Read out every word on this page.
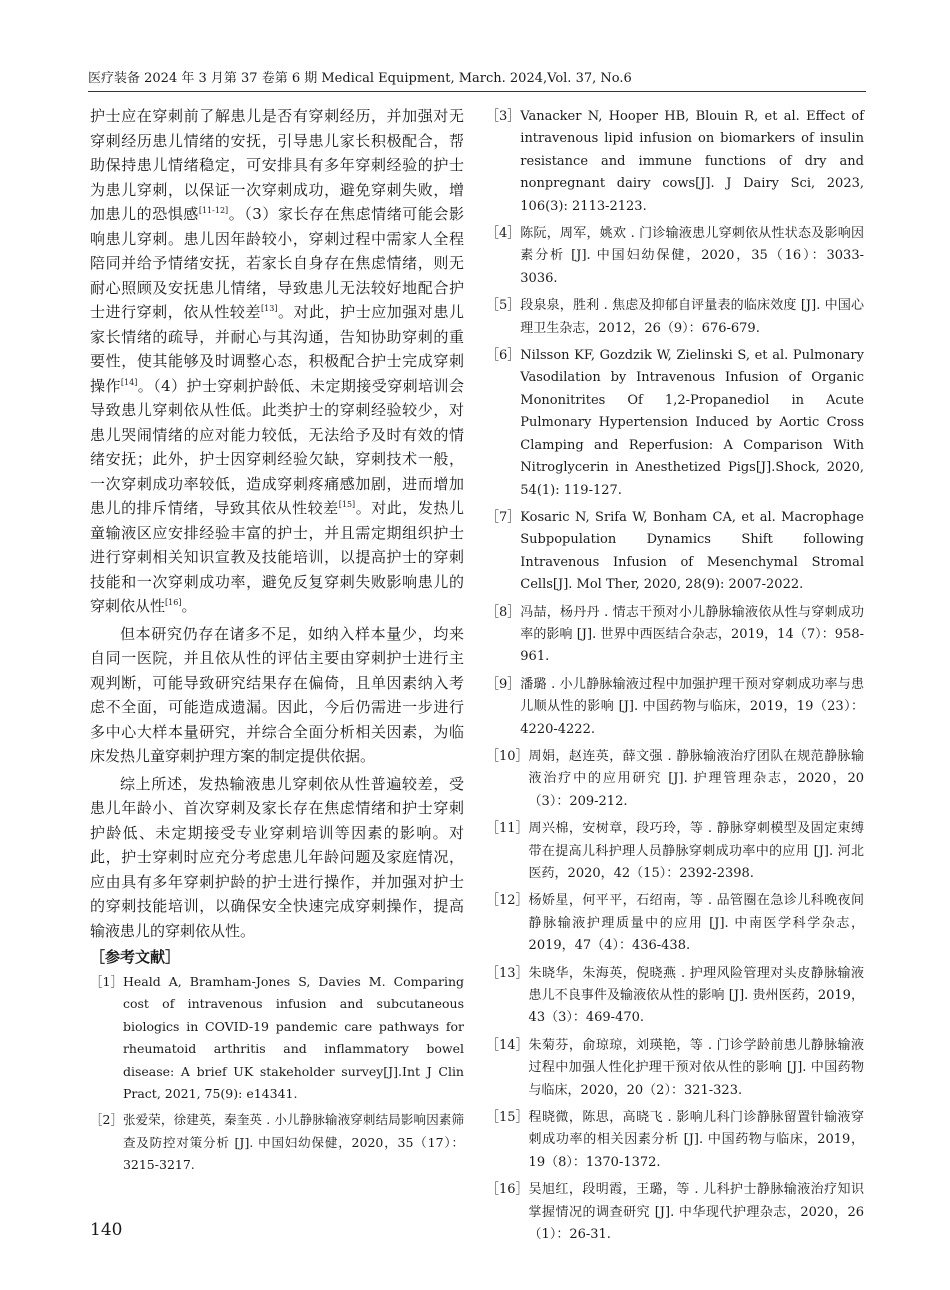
医疗装备 2024 年 3 月第 37 卷第 6 期 Medical Equipment, March. 2024,Vol. 37, No.6

护士应在穿刺前了解患儿是否有穿刺经历，并加强对无穿刺经历患儿情绪的安抚，引导患儿家长积极配合，帮助保持患儿情绪稳定，可安排具有多年穿刺经验的护士为患儿穿刺，以保证一次穿刺成功，避免穿刺失败，增加患儿的恐惧感[11-12]。（3）家长存在焦虑情绪可能会影响患儿穿刺。患儿因年龄较小，穿刺过程中需家人全程陪同并给予情绪安抚，若家长自身存在焦虑情绪，则无耐心照顾及安抚患儿情绪，导致患儿无法较好地配合护士进行穿刺，依从性较差[13]。对此，护士应加强对患儿家长情绪的疏导，并耐心与其沟通，告知协助穿刺的重要性，使其能够及时调整心态，积极配合护士完成穿刺操作[14]。（4）护士穿刺护龄低、未定期接受穿刺培训会导致患儿穿刺依从性低。此类护士的穿刺经验较少，对患儿哭闹情绪的应对能力较低，无法给予及时有效的情绪安抚；此外，护士因穿刺经验欠缺，穿刺技术一般，一次穿刺成功率较低，造成穿刺疼痛感加剧，进而增加患儿的排斥情绪，导致其依从性较差[15]。对此，发热儿童输液区应安排经验丰富的护士，并且需定期组织护士进行穿刺相关知识宣教及技能培训，以提高护士的穿刺技能和一次穿刺成功率，避免反复穿刺失败影响患儿的穿刺依从性[16]。

但本研究仍存在诸多不足，如纳入样本量少，均来自同一医院，并且依从性的评估主要由穿刺护士进行主观判断，可能导致研究结果存在偏倚，且单因素纳入考虑不全面，可能造成遗漏。因此，今后仍需进一步进行多中心大样本量研究，并综合全面分析相关因素，为临床发热儿童穿刺护理方案的制定提供依据。

综上所述，发热输液患儿穿刺依从性普遍较差，受患儿年龄小、首次穿刺及家长存在焦虑情绪和护士穿刺护龄低、未定期接受专业穿刺培训等因素的影响。对此，护士穿刺时应充分考虑患儿年龄问题及家庭情况，应由具有多年穿刺护龄的护士进行操作，并加强对护士的穿刺技能培训，以确保安全快速完成穿刺操作，提高输液患儿的穿刺依从性。

［参考文献］
［1］ Heald A, Bramham-Jones S, Davies M. Comparing cost of intravenous infusion and subcutaneous biologics in COVID-19 pandemic care pathways for rheumatoid arthritis and inflammatory bowel disease: A brief UK stakeholder survey[J].Int J Clin Pract, 2021, 75(9): e14341.
［2］ 张爱荣，徐建英，秦奎英 . 小儿静脉输液穿刺结局影响因素筛查及防控对策分析 [J]. 中国妇幼保健，2020，35（17）：3215-3217.
［3］ Vanacker N, Hooper HB, Blouin R, et al. Effect of intravenous lipid infusion on biomarkers of insulin resistance and immune functions of dry and nonpregnant dairy cows[J]. J Dairy Sci, 2023, 106(3): 2113-2123.
［4］ 陈阮，周军，姚欢 . 门诊输液患儿穿刺依从性状态及影响因素分析 [J]. 中国妇幼保健，2020，35（16）：3033-3036.
［5］ 段泉泉，胜利 . 焦虑及抑郁自评量表的临床效度 [J]. 中国心理卫生杂志，2012，26（9）：676-679.
［6］ Nilsson KF, Gozdzik W, Zielinski S, et al. Pulmonary Vasodilation by Intravenous Infusion of Organic Mononitrites Of 1,2-Propanediol in Acute Pulmonary Hypertension Induced by Aortic Cross Clamping and Reperfusion: A Comparison With Nitroglycerin in Anesthetized Pigs[J].Shock, 2020, 54(1): 119-127.
［7］ Kosaric N, Srifa W, Bonham CA, et al. Macrophage Subpopulation Dynamics Shift following Intravenous Infusion of Mesenchymal Stromal Cells[J]. Mol Ther, 2020, 28(9): 2007-2022.
［8］ 冯喆，杨丹丹 . 情志干预对小儿静脉输液依从性与穿刺成功率的影响 [J]. 世界中西医结合杂志，2019，14（7）：958-961.
［9］ 潘璐 . 小儿静脉输液过程中加强护理干预对穿刺成功率与患儿顺从性的影响 [J]. 中国药物与临床，2019，19（23）：4220-4222.
［10］ 周娟，赵连英，薛文强 . 静脉输液治疗团队在规范静脉输液治疗中的应用研究 [J]. 护理管理杂志，2020，20（3）：209-212.
［11］ 周兴棉，安树章，段巧玲，等 . 静脉穿刺模型及固定束缚带在提高儿科护理人员静脉穿刺成功率中的应用 [J]. 河北医药，2020，42（15）：2392-2398.
［12］ 杨娇星，何平平，石绍南，等 . 品管圈在急诊儿科晚夜间静脉输液护理质量中的应用 [J]. 中南医学科学杂志，2019，47（4）：436-438.
［13］ 朱晓华，朱海英，倪晓燕 . 护理风险管理对头皮静脉输液患儿不良事件及输液依从性的影响 [J]. 贵州医药，2019，43（3）：469-470.
［14］ 朱菊芬，俞琼琼，刘瑛艳，等 . 门诊学龄前患儿静脉输液过程中加强人性化护理干预对依从性的影响 [J]. 中国药物与临床，2020，20（2）：321-323.
［15］ 程晓微，陈思，高晓飞 . 影响儿科门诊静脉留置针输液穿刺成功率的相关因素分析 [J]. 中国药物与临床，2019，19（8）：1370-1372.
［16］ 吴旭红，段明霞，王璐，等 . 儿科护士静脉输液治疗知识掌握情况的调查研究 [J]. 中华现代护理杂志，2020，26（1）：26-31.
140
